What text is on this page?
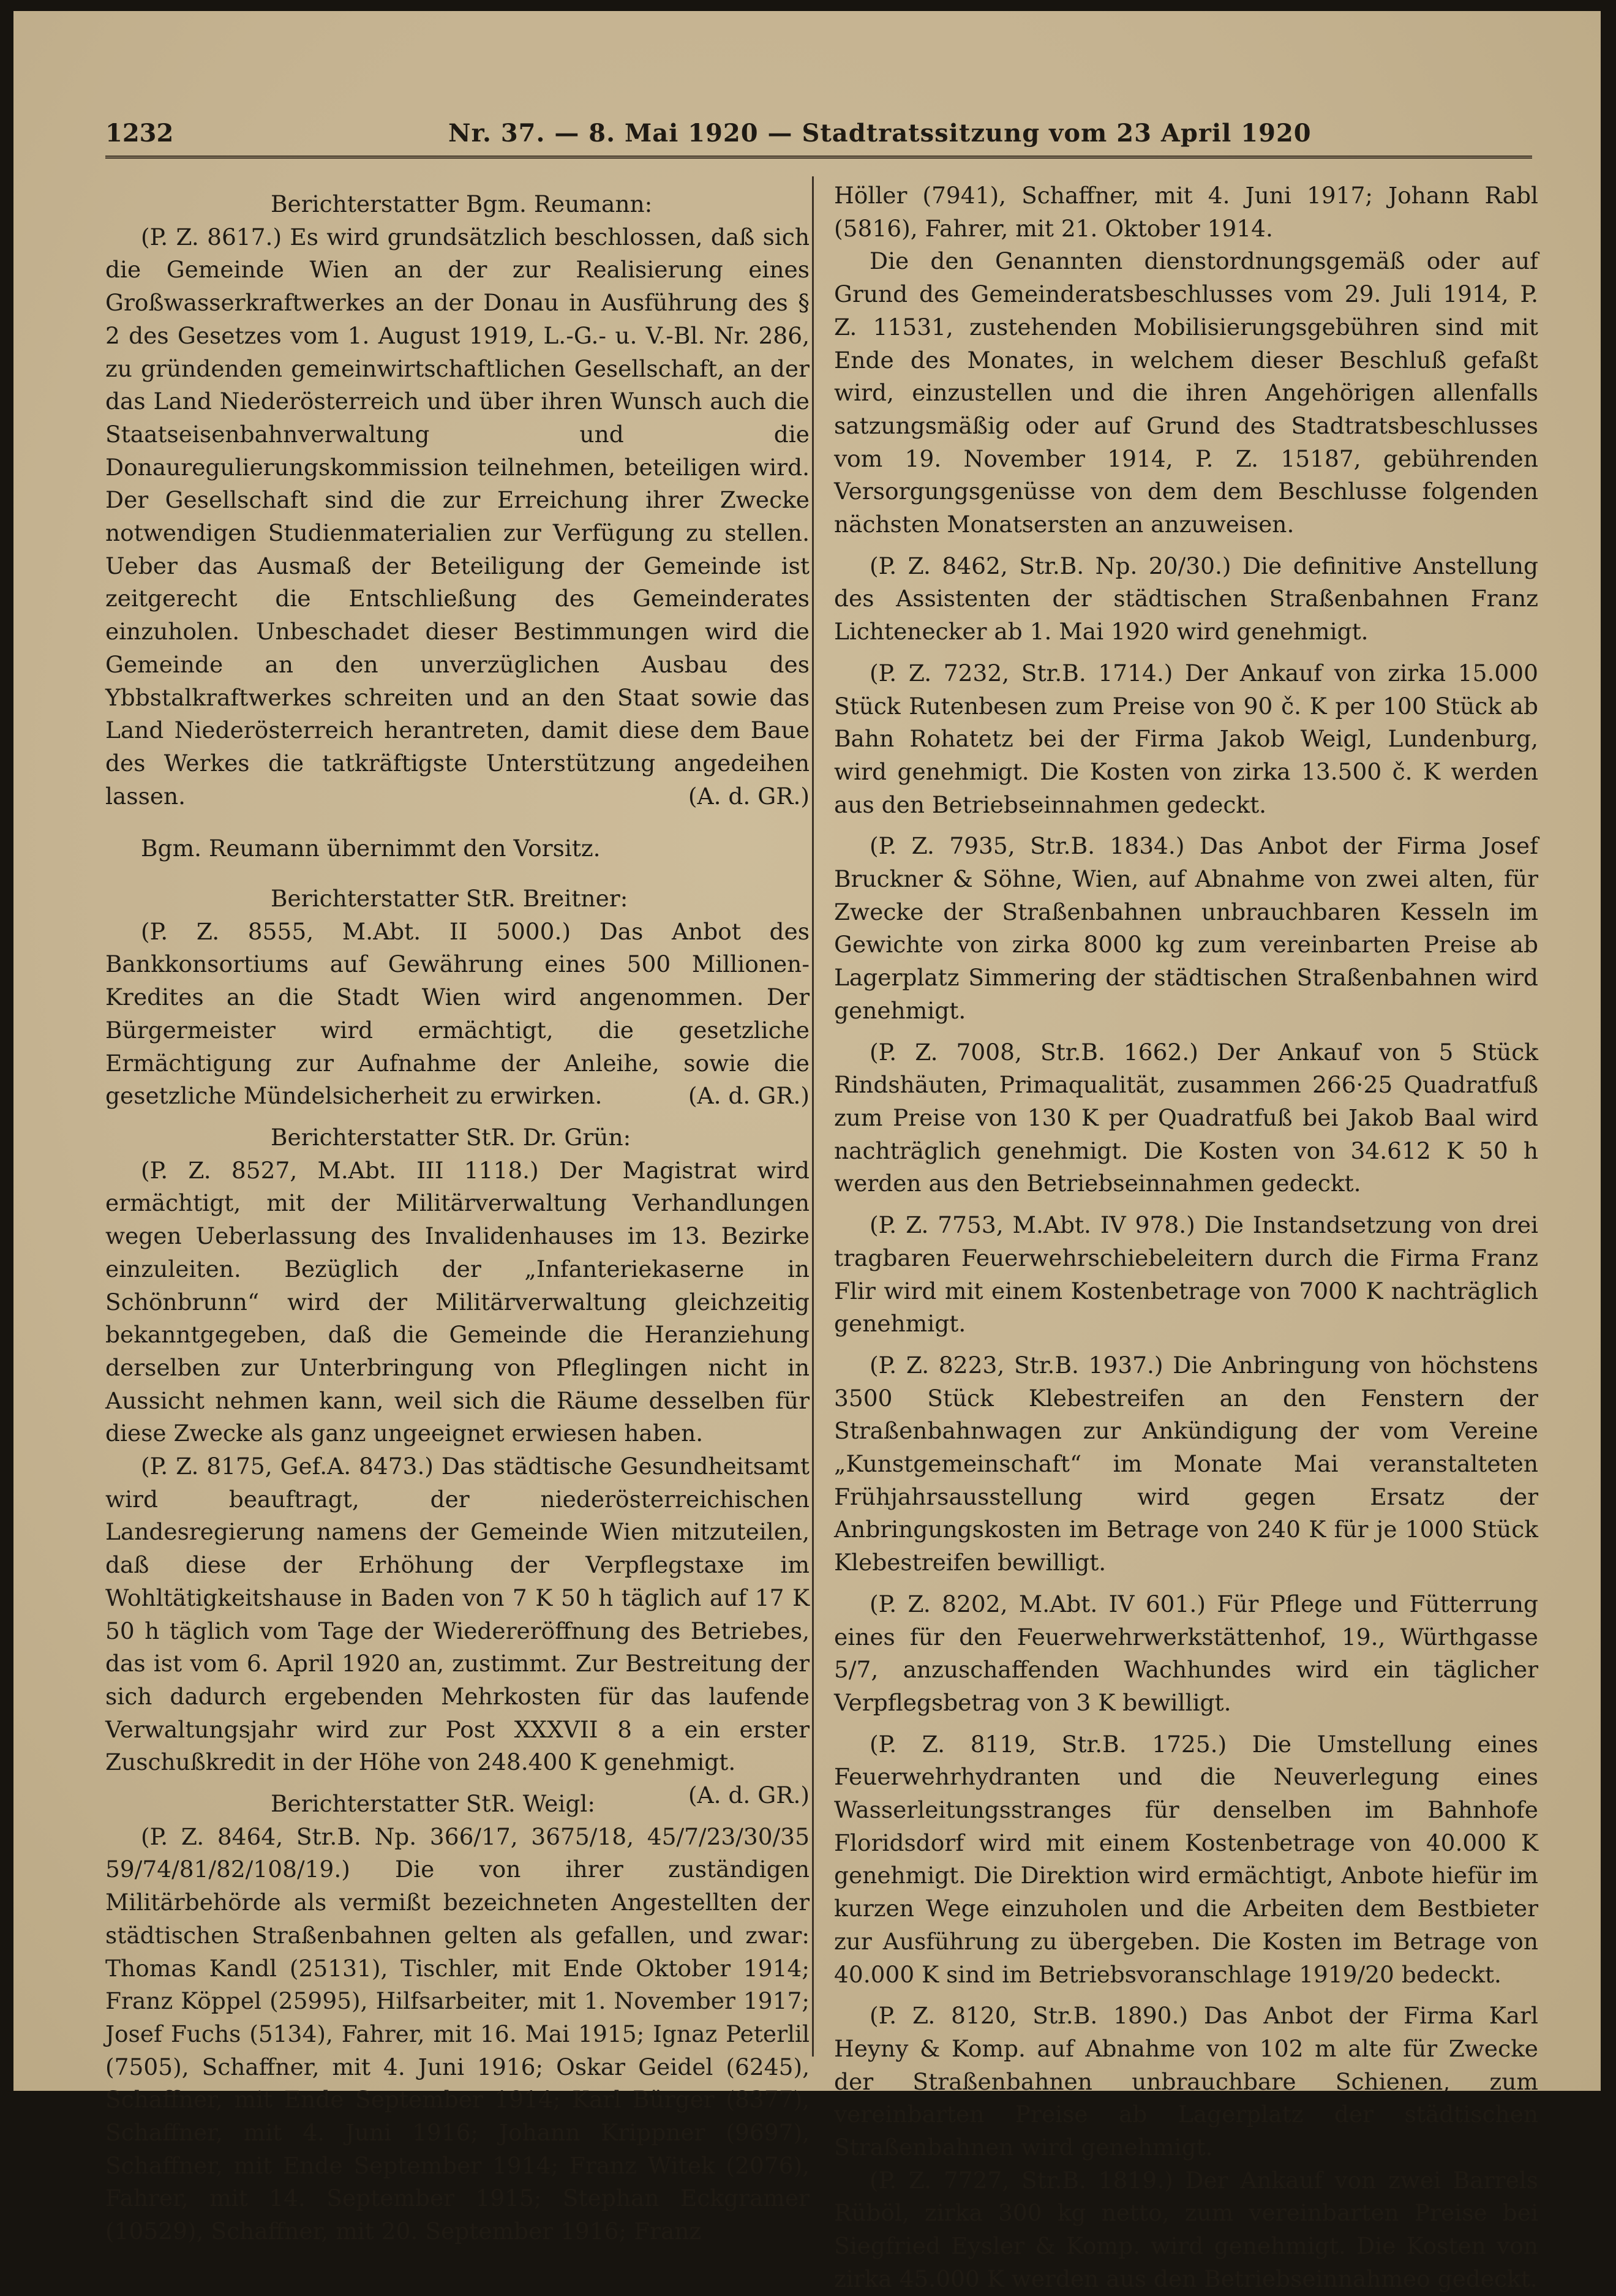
1232	Nr. 37. — 8. Mai 1920 — Stadtratssitzung vom 23 April 1920

Berichterstatter Bgm. Reumann:

(P. Z. 8617.) Es wird grundsätzlich beschlossen, daß sich die Gemeinde Wien an der zur Realisierung eines Großwasserkraftwerkes an der Donau in Ausführung des § 2 des Gesetzes vom 1. August 1919, L.-G.- u. V.-Bl. Nr. 286, zu gründenden gemeinwirtschaftlichen Gesellschaft, an der das Land Niederösterreich und über ihren Wunsch auch die Staatseisenbahnverwaltung und die Donauregulierungskommission teilnehmen, beteiligen wird. Der Gesellschaft sind die zur Erreichung ihrer Zwecke notwendigen Studienmaterialien zur Verfügung zu stellen. Ueber das Ausmaß der Beteiligung der Gemeinde ist zeitgerecht die Entschließung des Gemeinderates einzuholen. Unbeschadet dieser Bestimmungen wird die Gemeinde an den unverzüglichen Ausbau des Ybbstalkraftwerkes schreiten und an den Staat sowie das Land Niederösterreich herantreten, damit diese dem Baue des Werkes die tatkräftigste Unterstützung angedeihen lassen.	(A. d. GR.)

Bgm. Reumann übernimmt den Vorsitz.

Berichterstatter StR. Breitner:

(P. Z. 8555, M.Abt. II 5000.) Das Anbot des Bankkonsortiums auf Gewährung eines 500 Millionen-Kredites an die Stadt Wien wird angenommen. Der Bürgermeister wird ermächtigt, die gesetzliche Ermächtigung zur Aufnahme der Anleihe, sowie die gesetzliche Mündelsicherheit zu erwirken.	(A. d. GR.)

Berichterstatter StR. Dr. Grün:

(P. Z. 8527, M.Abt. III 1118.) Der Magistrat wird ermächtigt, mit der Militärverwaltung Verhandlungen wegen Ueberlassung des Invalidenhauses im 13. Bezirke einzuleiten. Bezüglich der „Infanteriekaserne in Schönbrunn“ wird der Militärverwaltung gleichzeitig bekanntgegeben, daß die Gemeinde die Heranziehung derselben zur Unterbringung von Pfleglingen nicht in Aussicht nehmen kann, weil sich die Räume desselben für diese Zwecke als ganz ungeeignet erwiesen haben.

(P. Z. 8175, Gef.A. 8473.) Das städtische Gesundheitsamt wird beauftragt, der niederösterreichischen Landesregierung namens der Gemeinde Wien mitzuteilen, daß diese der Erhöhung der Verpflegstaxe im Wohltätigkeitshause in Baden von 7 K 50 h täglich auf 17 K 50 h täglich vom Tage der Wiedereröffnung des Betriebes, das ist vom 6. April 1920 an, zustimmt. Zur Bestreitung der sich dadurch ergebenden Mehrkosten für das laufende Verwaltungsjahr wird zur Post XXXVII 8 a ein erster Zuschußkredit in der Höhe von 248.400 K genehmigt.
(A. d. GR.)

Berichterstatter StR. Weigl:

(P. Z. 8464, Str.B. Np. 366/17, 3675/18, 45/7/23/30/35 59/74/81/82/108/19.) Die von ihrer zuständigen Militärbehörde als vermißt bezeichneten Angestellten der städtischen Straßenbahnen gelten als gefallen, und zwar: Thomas Kandl (25131), Tischler, mit Ende Oktober 1914; Franz Köppel (25995), Hilfsarbeiter, mit 1. November 1917; Josef Fuchs (5134), Fahrer, mit 16. Mai 1915; Ignaz Peterlil (7505), Schaffner, mit 4. Juni 1916; Oskar Geidel (6245), Schaffner, mit Ende September 1914; Karl Bürger (8377), Schaffner, mit 4. Juni 1916; Johann Krippner (9697), Schaffner, mit Ende September 1914; Franz Witek (2076), Fahrer, mit 14. September 1915; Stephan Eckgramer (10529), Schaffner, mit 20. September 1916; Franz

Höller (7941), Schaffner, mit 4. Juni 1917; Johann Rabl (5816), Fahrer, mit 21. Oktober 1914.

Die den Genannten dienstordnungsgemäß oder auf Grund des Gemeinderatsbeschlusses vom 29. Juli 1914, P. Z. 11531, zustehenden Mobilisierungsgebühren sind mit Ende des Monates, in welchem dieser Beschluß gefaßt wird, einzustellen und die ihren Angehörigen allenfalls satzungsmäßig oder auf Grund des Stadtratsbeschlusses vom 19. November 1914, P. Z. 15187, gebührenden Versorgungsgenüsse von dem dem Beschlusse folgenden nächsten Monatsersten an anzuweisen.

(P. Z. 8462, Str.B. Np. 20/30.) Die definitive Anstellung des Assistenten der städtischen Straßenbahnen Franz Lichtenecker ab 1. Mai 1920 wird genehmigt.

(P. Z. 7232, Str.B. 1714.) Der Ankauf von zirka 15.000 Stück Rutenbesen zum Preise von 90 č. K per 100 Stück ab Bahn Rohatetz bei der Firma Jakob Weigl, Lundenburg, wird genehmigt. Die Kosten von zirka 13.500 č. K werden aus den Betriebseinnahmen gedeckt.

(P. Z. 7935, Str.B. 1834.) Das Anbot der Firma Josef Bruckner & Söhne, Wien, auf Abnahme von zwei alten, für Zwecke der Straßenbahnen unbrauchbaren Kesseln im Gewichte von zirka 8000 kg zum vereinbarten Preise ab Lagerplatz Simmering der städtischen Straßenbahnen wird genehmigt.

(P. Z. 7008, Str.B. 1662.) Der Ankauf von 5 Stück Rindshäuten, Primaqualität, zusammen 266·25 Quadratfuß zum Preise von 130 K per Quadratfuß bei Jakob Baal wird nachträglich genehmigt. Die Kosten von 34.612 K 50 h werden aus den Betriebseinnahmen gedeckt.

(P. Z. 7753, M.Abt. IV 978.) Die Instandsetzung von drei tragbaren Feuerwehrschiebeleitern durch die Firma Franz Flir wird mit einem Kostenbetrage von 7000 K nachträglich genehmigt.

(P. Z. 8223, Str.B. 1937.) Die Anbringung von höchstens 3500 Stück Klebestreifen an den Fenstern der Straßenbahnwagen zur Ankündigung der vom Vereine „Kunstgemeinschaft“ im Monate Mai veranstalteten Frühjahrsausstellung wird gegen Ersatz der Anbringungskosten im Betrage von 240 K für je 1000 Stück Klebestreifen bewilligt.

(P. Z. 8202, M.Abt. IV 601.) Für Pflege und Fütterrung eines für den Feuerwehrwerkstättenhof, 19., Würthgasse 5/7, anzuschaffenden Wachhundes wird ein täglicher Verpflegsbetrag von 3 K bewilligt.

(P. Z. 8119, Str.B. 1725.) Die Umstellung eines Feuerwehrhydranten und die Neuverlegung eines Wasserleitungsstranges für denselben im Bahnhofe Floridsdorf wird mit einem Kostenbetrage von 40.000 K genehmigt. Die Direktion wird ermächtigt, Anbote hiefür im kurzen Wege einzuholen und die Arbeiten dem Bestbieter zur Ausführung zu übergeben. Die Kosten im Betrage von 40.000 K sind im Betriebsvoranschlage 1919/20 bedeckt.

(P. Z. 8120, Str.B. 1890.) Das Anbot der Firma Karl Heyny & Komp. auf Abnahme von 102 m alte für Zwecke der Straßenbahnen unbrauchbare Schienen, zum vereinbarten Preise ab Lagerplatz der städtischen Straßenbahnen wird genehmigt.

(P. Z. 7727, Str.B. 1819.) Der Ankauf von zwei Barrels Rüböl, zirka 300 kg netto, zum vereinbarten Preise bei Siegfried Eysler & Komp. wird genehmigt. Die Kosten von zirka 45.000 K werden aus den Betriebseinnahmeo gedeckt.
